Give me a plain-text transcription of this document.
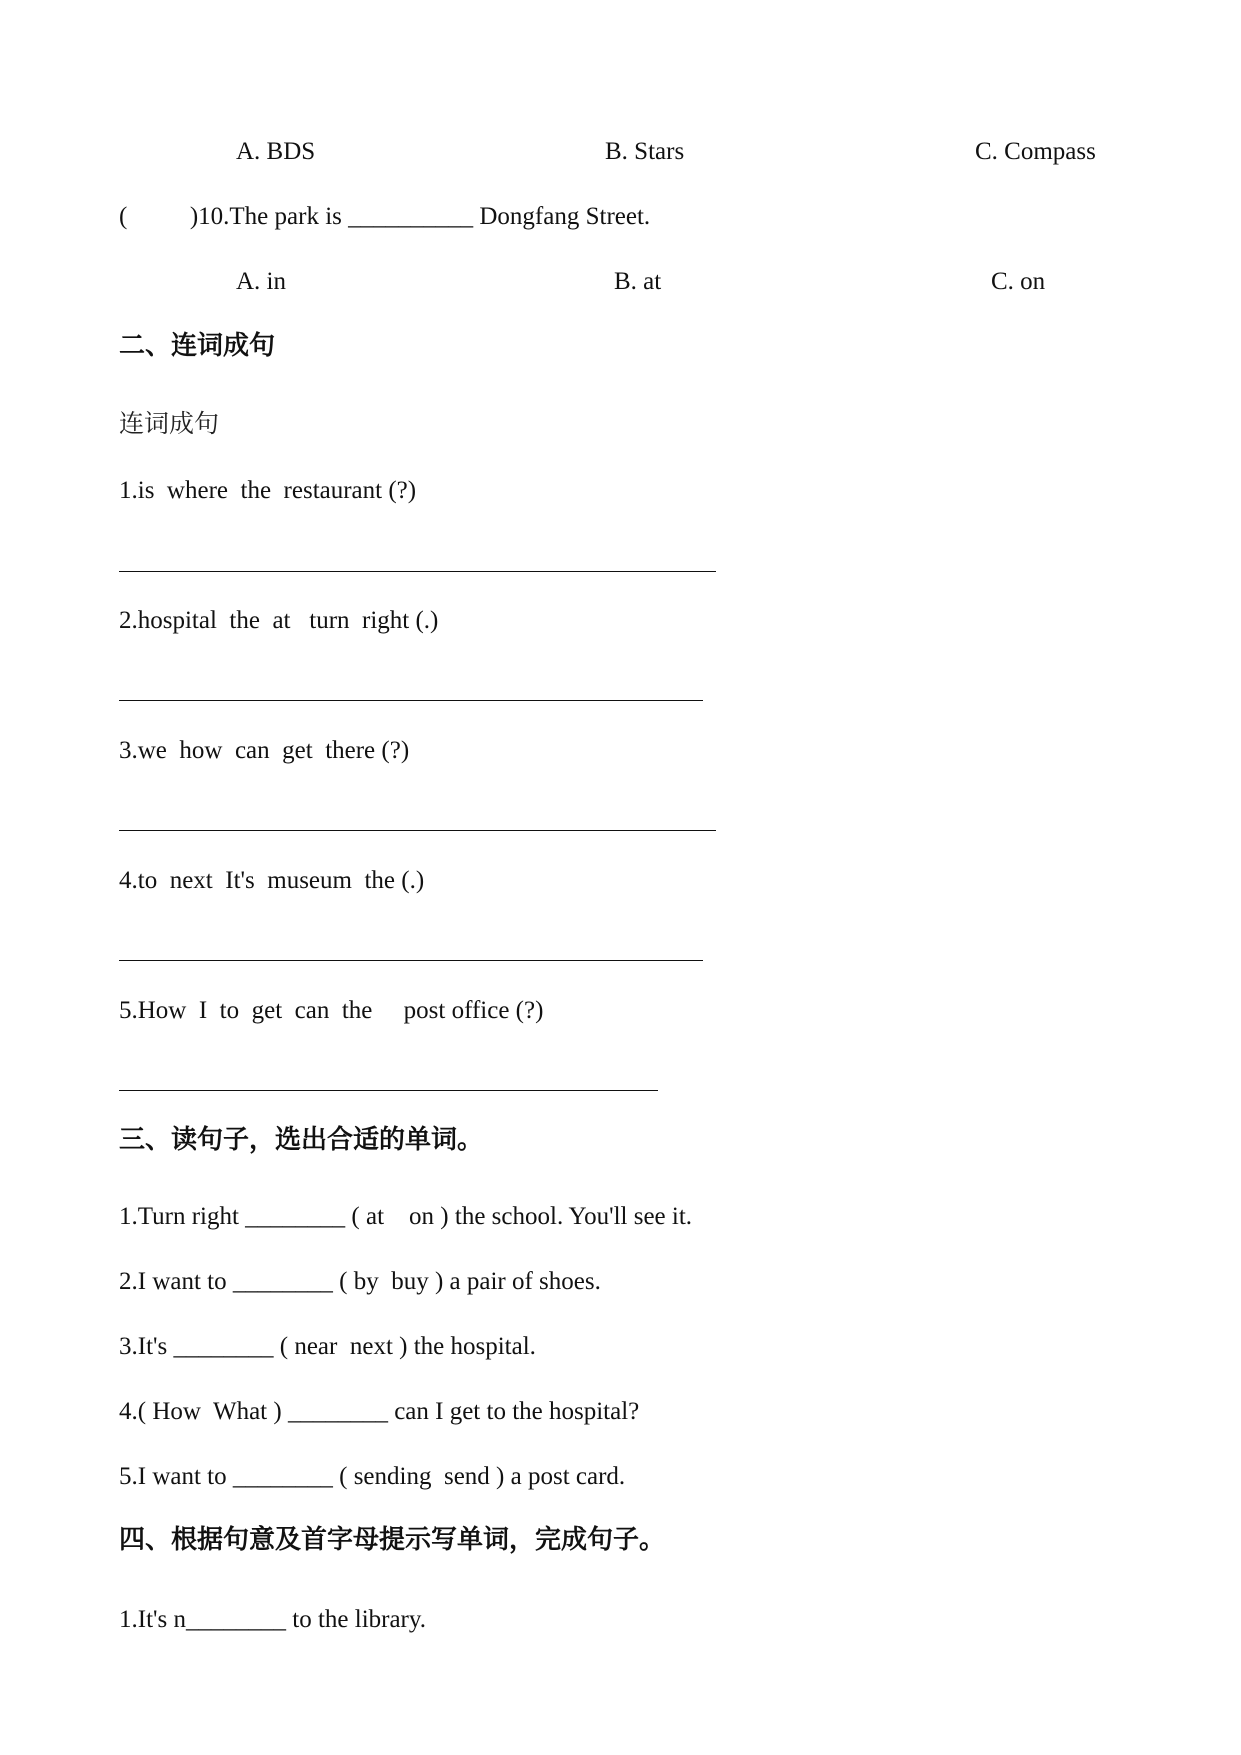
A. BDS	B. Stars	C. Compass
(          )10.The park is __________ Dongfang Street.
A. in	B. at	C. on
二、连词成句
连词成句
1.is  where  the  restaurant (?)
2.hospital  the  at   turn  right (.)
3.we  how  can  get  there (?)
4.to  next  It's  museum  the (.)
5.How  I  to  get  can  the     post office (?)
三、读句子，选出合适的单词。
1.Turn right ________ ( at    on ) the school. You'll see it.
2.I want to ________ ( by  buy ) a pair of shoes.
3.It's ________ ( near  next ) the hospital.
4.( How  What ) ________ can I get to the hospital?
5.I want to ________ ( sending  send ) a post card.
四、根据句意及首字母提示写单词，完成句子。
1.It's n________ to the library.
